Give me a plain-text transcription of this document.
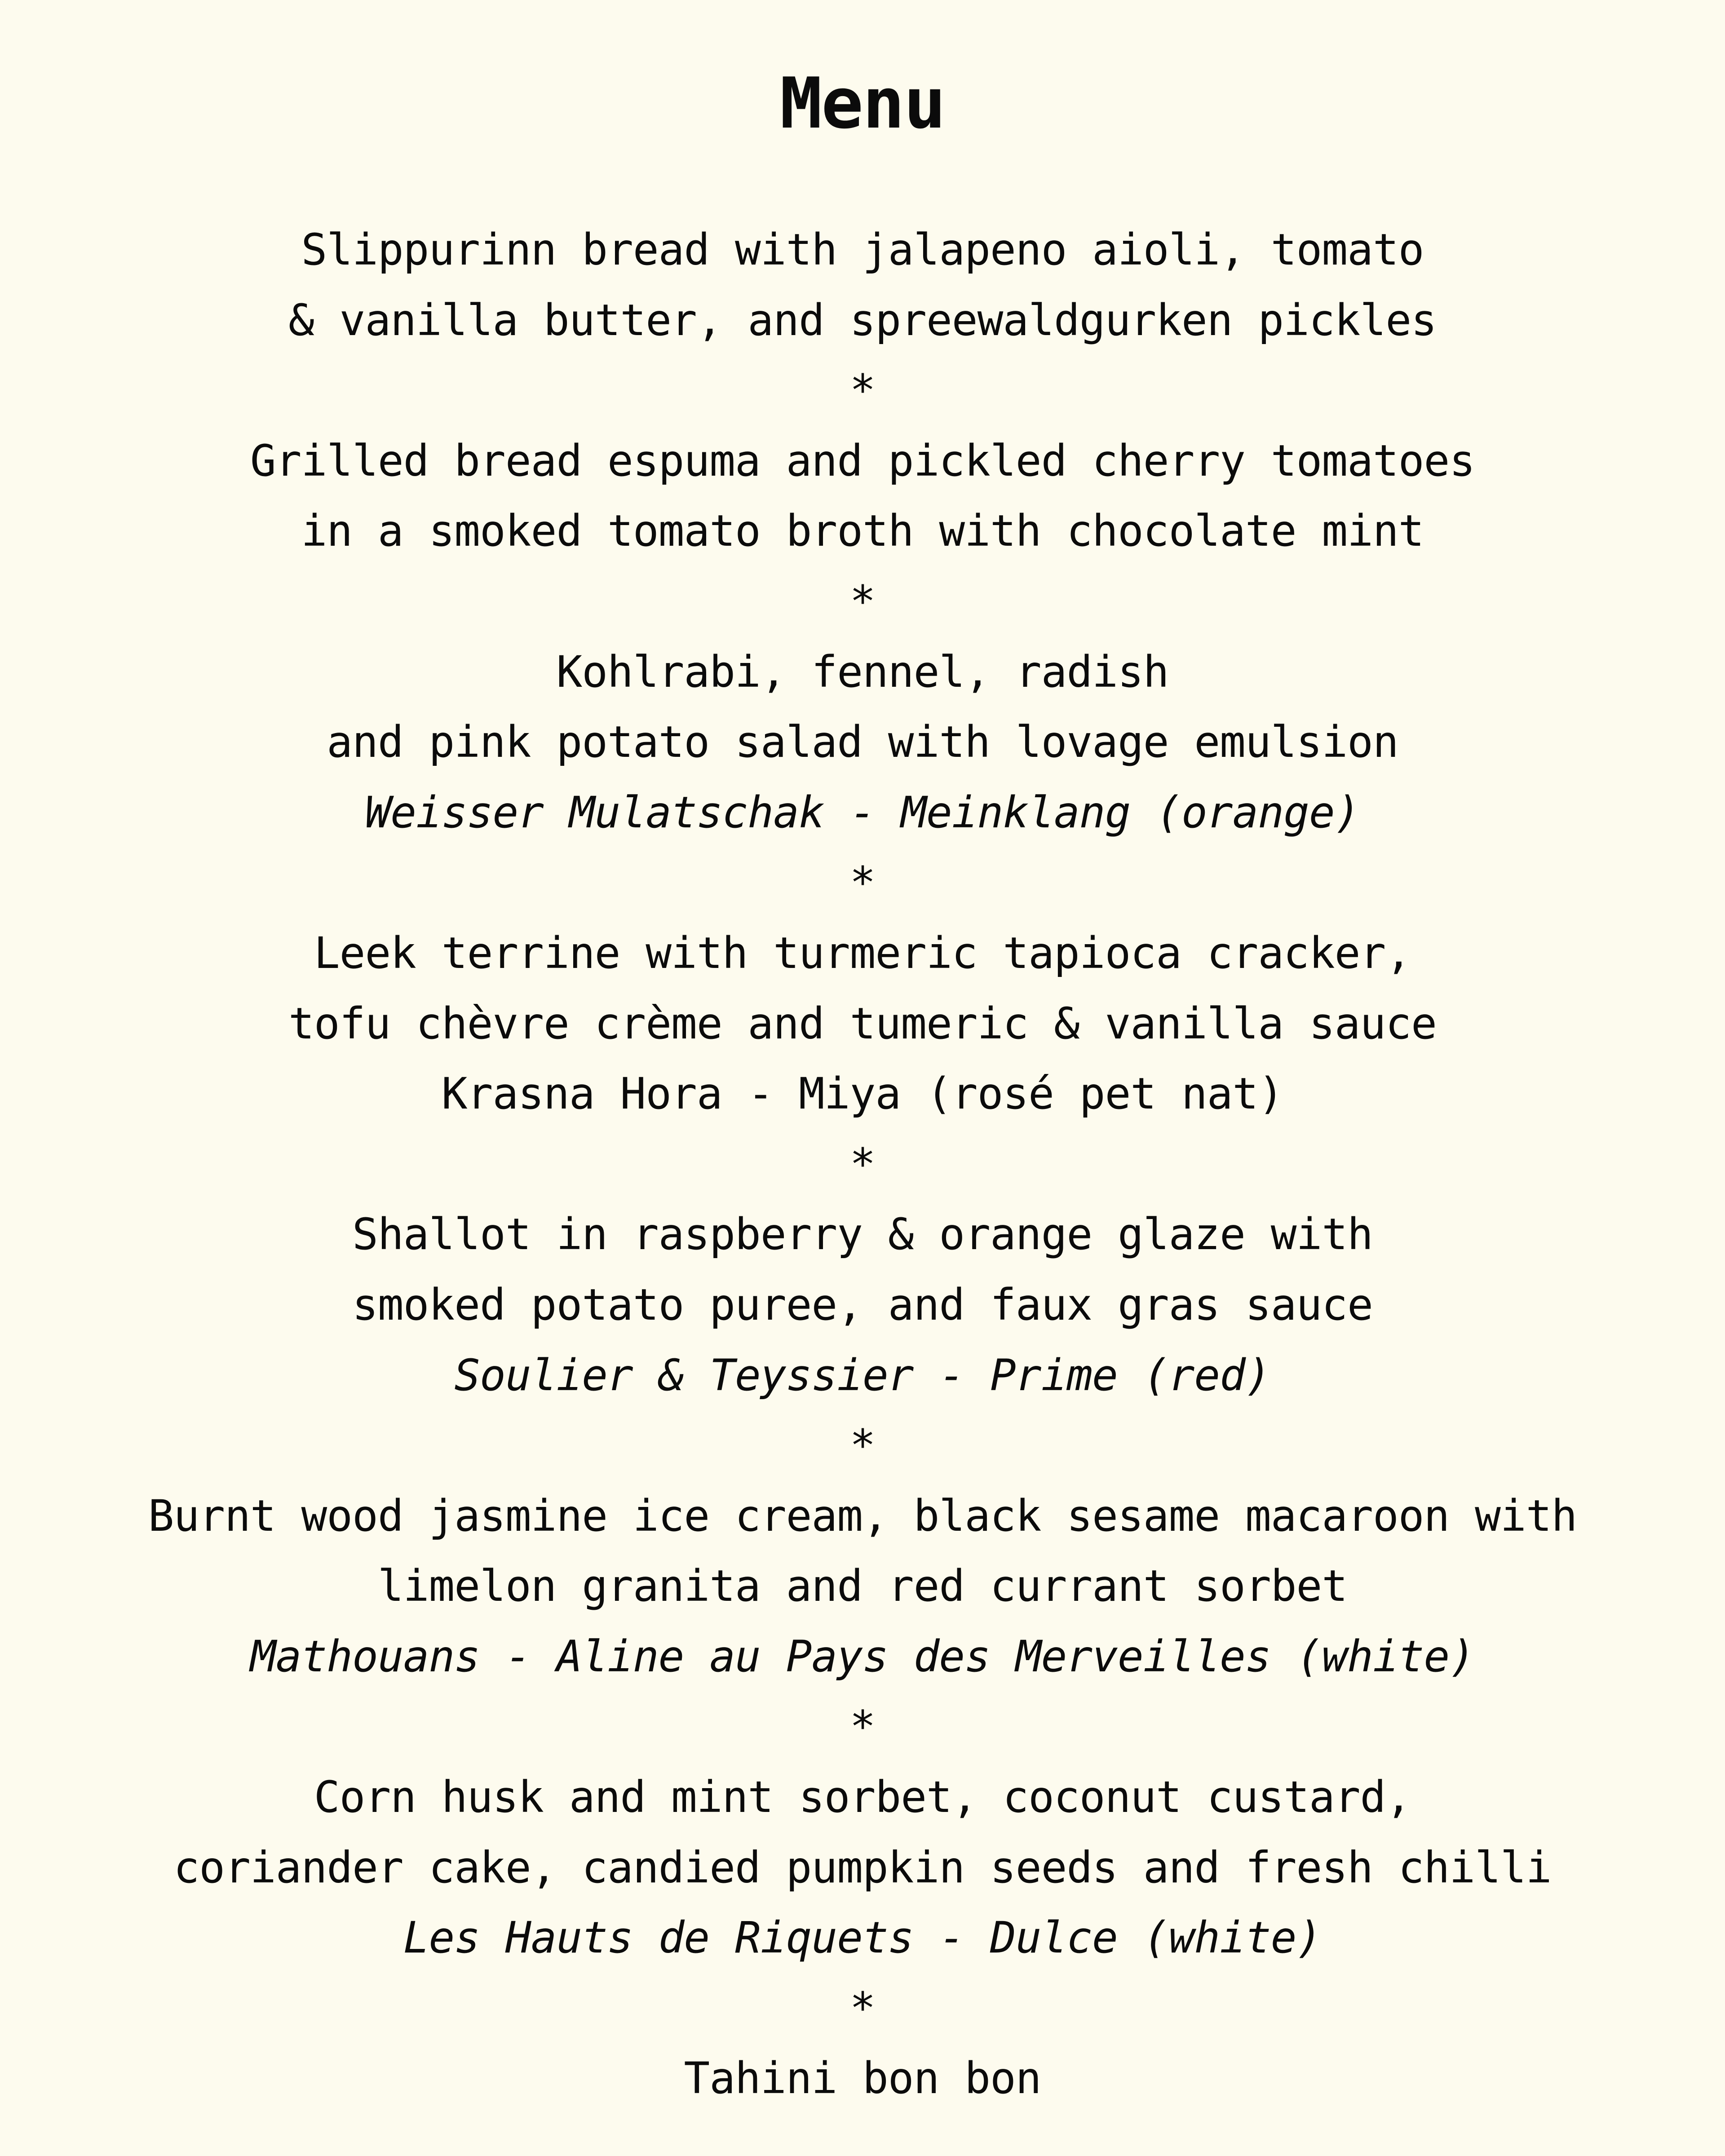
Menu
Slippurinn bread with jalapeno aioli, tomato
& vanilla butter, and spreewaldgurken pickles
*
Grilled bread espuma and pickled cherry tomatoes
in a smoked tomato broth with chocolate mint
*
Kohlrabi, fennel, radish
and pink potato salad with lovage emulsion
Weisser Mulatschak - Meinklang (orange)
*
Leek terrine with turmeric tapioca cracker,
tofu chèvre crème and tumeric & vanilla sauce
Krasna Hora - Miya (rosé pet nat)
*
Shallot in raspberry & orange glaze with
smoked potato puree, and faux gras sauce
Soulier & Teyssier - Prime (red)
*
Burnt wood jasmine ice cream, black sesame macaroon with
limelon granita and red currant sorbet
Mathouans - Aline au Pays des Merveilles (white)
*
Corn husk and mint sorbet, coconut custard,
coriander cake, candied pumpkin seeds and fresh chilli
Les Hauts de Riquets - Dulce (white)
*
Tahini bon bon
